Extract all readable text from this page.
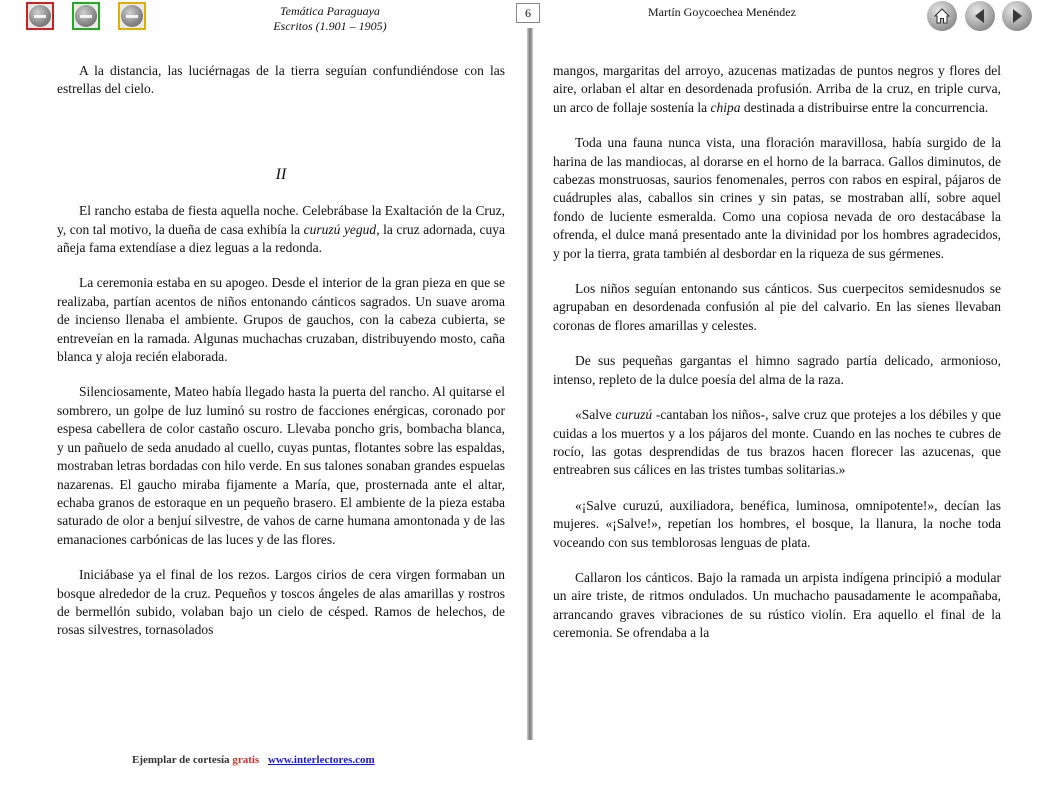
Temática Paraguaya
Escritos (1.901 – 1905)
6	Martín Goycoechea Menéndez

A la distancia, las luciérnagas de la tierra seguían confundiéndose con las estrellas del cielo.

II

El rancho estaba de fiesta aquella noche. Celebrábase la Exaltación de la Cruz, y, con tal motivo, la dueña de casa exhibía la curuzú yegud, la cruz adornada, cuya añeja fama extendíase a diez leguas a la redonda.

La ceremonia estaba en su apogeo. Desde el interior de la gran pieza en que se realizaba, partían acentos de niños entonando cánticos sagrados. Un suave aroma de incienso llenaba el ambiente. Grupos de gauchos, con la cabeza cubierta, se entreveían en la ramada. Algunas muchachas cruzaban, distribuyendo mosto, caña blanca y aloja recién elaborada.

Silenciosamente, Mateo había llegado hasta la puerta del rancho. Al quitarse el sombrero, un golpe de luz luminó su rostro de facciones enérgicas, coronado por espesa cabellera de color castaño oscuro. Llevaba poncho gris, bombacha blanca, y un pañuelo de seda anudado al cuello, cuyas puntas, flotantes sobre las espaldas, mostraban letras bordadas con hilo verde. En sus talones sonaban grandes espuelas nazarenas. El gaucho miraba fijamente a María, que, prosternada ante el altar, echaba granos de estoraque en un pequeño brasero. El ambiente de la pieza estaba saturado de olor a benjuí silvestre, de vahos de carne humana amontonada y de las emanaciones carbónicas de las luces y de las flores.

Iniciábase ya el final de los rezos. Largos cirios de cera virgen formaban un bosque alrededor de la cruz. Pequeños y toscos ángeles de alas amarillas y rostros de bermellón subido, volaban bajo un cielo de césped. Ramos de helechos, de rosas silvestres, tornasolados

mangos, margaritas del arroyo, azucenas matizadas de puntos negros y flores del aire, orlaban el altar en desordenada profusión. Arriba de la cruz, en triple curva, un arco de follaje sostenía la chipa destinada a distribuirse entre la concurrencia.

Toda una fauna nunca vista, una floración maravillosa, había surgido de la harina de las mandiocas, al dorarse en el horno de la barraca. Gallos diminutos, de cabezas monstruosas, saurios fenomenales, perros con rabos en espiral, pájaros de cuádruples alas, caballos sin crines y sin patas, se mostraban allí, sobre aquel fondo de luciente esmeralda. Como una copiosa nevada de oro destacábase la ofrenda, el dulce maná presentado ante la divinidad por los hombres agradecidos, y por la tierra, grata también al desbordar en la riqueza de sus gérmenes.

Los niños seguían entonando sus cánticos. Sus cuerpecitos semidesnudos se agrupaban en desordenada confusión al pie del calvario. En las sienes llevaban coronas de flores amarillas y celestes.

De sus pequeñas gargantas el himno sagrado partía delicado, armonioso, intenso, repleto de la dulce poesía del alma de la raza.

«Salve curuzú -cantaban los niños-, salve cruz que protejes a los débiles y que cuidas a los muertos y a los pájaros del monte. Cuando en las noches te cubres de rocío, las gotas desprendidas de tus brazos hacen florecer las azucenas, que entreabren sus cálices en las tristes tumbas solitarias.»

«¡Salve curuzú, auxiliadora, benéfica, luminosa, omnipotente!», decían las mujeres. «¡Salve!», repetían los hombres, el bosque, la llanura, la noche toda voceando con sus temblorosas lenguas de plata.

Callaron los cánticos. Bajo la ramada un arpista indígena principió a modular un aire triste, de ritmos ondulados. Un muchacho pausadamente le acompañaba, arrancando graves vibraciones de su rústico violín. Era aquello el final de la ceremonia. Se ofrendaba a la

Ejemplar de cortesía gratis www.interlectores.com
